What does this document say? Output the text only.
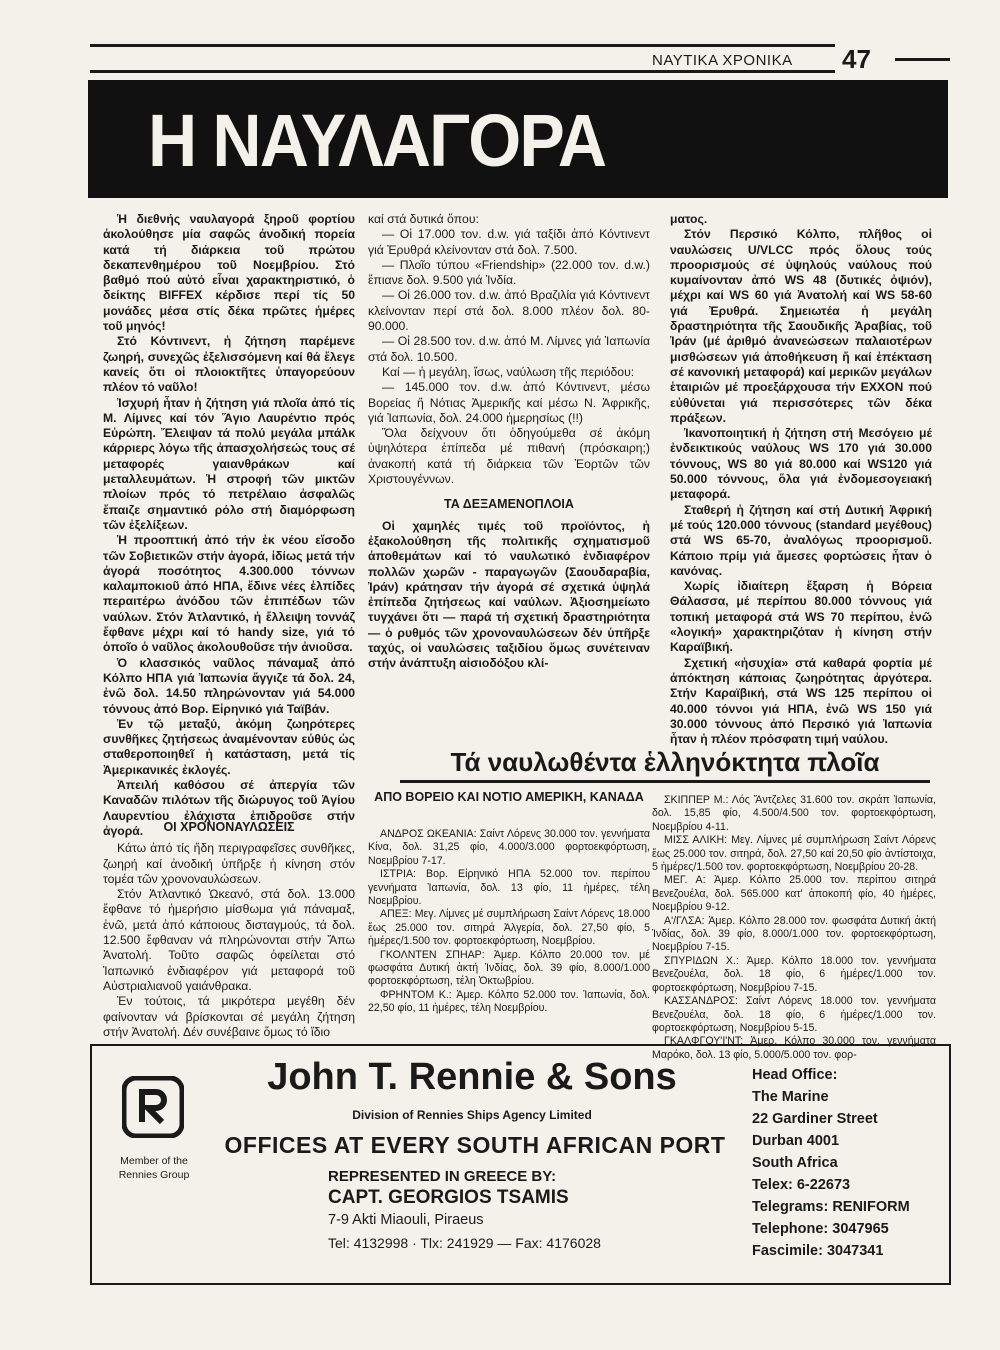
ΝΑΥΤΙΚΑ ΧΡΟΝΙΚΑ 47
Η ΝΑΥΛΑΓΟΡΑ

Ἡ διεθνής ναυλαγορά ξηροῦ φορτίου ἀκολούθησε μία σαφῶς ἀνοδική πορεία κατά τή διάρκεια τοῦ πρώτου δεκαπενθημέρου τοῦ Νοεμβρίου. Στό βαθμό πού αὐτό εἶναι χαρακτηριστικό, ὁ δείκτης BIFFEX κέρδισε περί τίς 50 μονάδες μέσα στίς δέκα πρῶτες ἡμέρες τοῦ μηνός!

Στό Κόντινεντ, ἡ ζήτηση παρέμενε ζωηρή, συνεχῶς ἐξελισσόμενη καί θά ἔλεγε κανείς ὅτι οἱ πλοιοκτῆτες ὑπαγορεύουν πλέον τό ναῦλο!

Ἰσχυρή ἦταν ἡ ζήτηση γιά πλοῖα ἀπό τίς Μ. Λίμνες καί τόν Ἅγιο Λαυρέντιο πρός Εὐρώπη. Ἔλειψαν τά πολύ μεγάλα μπάλκ κάρριερς λόγω τῆς ἀπασχολήσεώς τους σέ μεταφορές γαιανθράκων καί μεταλλευμάτων. Ἡ στροφή τῶν μικτῶν πλοίων πρός τό πετρέλαιο ἀσφαλῶς ἔπαιζε σημαντικό ρόλο στή διαμόρφωση τῶν ἐξελίξεων.

Ἡ προοπτική ἀπό τήν ἐκ νέου εἴσοδο τῶν Σοβιετικῶν στήν ἀγορά, ἰδίως μετά τήν ἀγορά ποσότητος 4.300.000 τόννων καλαμποκιοῦ ἀπό ΗΠΑ, ἔδινε νέες ἐλπίδες περαιτέρω ἀνόδου τῶν ἐπιπέδων τῶν ναύλων. Στόν Ἀτλαντικό, ἡ ἔλλειψη τοννάζ ἔφθανε μέχρι καί τό handy size, γιά τό ὁποῖο ὁ ναῦλος ἀκολουθοῦσε τήν ἀνιοῦσα.

Ὁ κλασσικός ναῦλος πάναμαξ ἀπό Κόλπο ΗΠΑ γιά Ἰαπωνία ἄγγιζε τά δολ. 24, ἐνῶ δολ. 14.50 πληρώνονταν γιά 54.000 τόννους ἀπό Βορ. Εἰρηνικό γιά Ταϊβάν.

Ἐν τῷ μεταξύ, ἀκόμη ζωηρότερες συνθῆκες ζητήσεως ἀναμένονταν εὐθύς ὡς σταθεροποιηθεῖ ἡ κατάσταση, μετά τίς Ἀμερικανικές ἐκλογές.

Ἀπειλή καθόσου σέ ἀπεργία τῶν Καναδῶν πιλότων τῆς διώρυγος τοῦ Ἁγίου Λαυρεντίου ἐλάχιστα ἐπιδροῦσε στήν ἀγορά.	ΟΙ ΧΡΟΝΟΝΑΥΛΩΣΕΙΣ

Κάτω ἀπό τίς ἤδη περιγραφεῖσες συνθῆκες, ζωηρή καί ἀνοδική ὑπῆρξε ἡ κίνηση στόν τομέα τῶν χρονοναυλώσεων.

Στόν Ἀτλαντικό Ὠκεανό, στά δολ. 13.000 ἔφθανε τό ἡμερήσιο μίσθωμα γιά πάναμαξ, ἐνῶ, μετά ἀπό κάποιους δισταγμούς, τά δολ. 12.500 ἔφθαναν νά πληρώνονται στήν Ἄπω Ἀνατολή. Τοῦτο σαφῶς ὀφείλεται στό Ἰαπωνικό ἐνδιαφέρον γιά μεταφορά τοῦ Αὐστριαλιανοῦ γαιάνθρακα.

Ἐν τούτοις, τά μικρότερα μεγέθη δέν φαίνονταν νά βρίσκονται σέ μεγάλη ζήτηση στήν Ἀνατολή. Δέν συνέβαινε ὅμως τό ἴδιο

καί στά δυτικά ὅπου:

— Οἱ 17.000 τον. d.w. γιά ταξίδι ἀπό Κόντινεντ γιά Ἐρυθρά κλείνονταν στά δολ. 7.500.

— Πλοῖο τύπου «Friendship» (22.000 τον. d.w.) ἔπιανε δολ. 9.500 γιά Ἰνδία.

— Οἱ 26.000 τον. d.w. ἀπό Βραζιλία γιά Κόντινεντ κλείνονταν περί στά δολ. 8.000 πλέον δολ. 80-90.000.

— Οἱ 28.500 τον. d.w. ἀπό Μ. Λίμνες γιά Ἰαπωνία στά δολ. 10.500.

Καί — ἡ μεγάλη, ἴσως, ναύλωση τῆς περιόδου:

— 145.000 τον. d.w. ἀπό Κόντινεντ, μέσω Βορείας ἤ Νότιας Ἀμερικῆς καί μέσω Ν. Ἀφρικῆς, γιά Ἰαπωνία, δολ. 24.000 ἡμερησίως (!!)

Ὅλα δείχνουν ὅτι ὁδηγούμεθα σέ ἀκόμη ὑψηλότερα ἐπίπεδα μέ πιθανή (πρόσκαιρη;) ἀνακοπή κατά τή διάρκεια τῶν Ἑορτῶν τῶν Χριστουγέννων.

ΤΑ ΔΕΞΑΜΕΝΟΠΛΟΙΑ

Οἱ χαμηλές τιμές τοῦ προϊόντος, ἡ ἐξακολούθηση τῆς πολιτικῆς σχηματισμοῦ ἀποθεμάτων καί τό ναυλωτικό ἐνδιαφέρον πολλῶν χωρῶν - παραγωγῶν (Σαουδαραβία, Ἰράν) κράτησαν τήν ἀγορά σέ σχετικά ὑψηλά ἐπίπεδα ζητήσεως καί ναύλων. Ἀξιοσημείωτο τυγχάνει ὅτι — παρά τή σχετική δραστηριότητα — ὁ ρυθμός τῶν χρονοναυλώσεων δέν ὑπῆρξε ταχύς, οἱ ναυλώσεις ταξιδίου ὅμως συνέτειναν στήν ἀνάπτυξη αἰσιοδόξου κλί-

ματος.

Στόν Περσικό Κόλπο, πλῆθος οἱ ναυλώσεις U/VLCC πρός ὅλους τούς προορισμούς σέ ὑψηλούς ναύλους πού κυμαίνονταν ἀπό WS 48 (δυτικές ὀψιόν), μέχρι καί WS 60 γιά Ἀνατολή καί WS 58-60 γιά Ἐρυθρά. Σημειωτέα ἡ μεγάλη δραστηριότητα τῆς Σαουδικῆς Ἀραβίας, τοῦ Ἰράν (μέ ἀριθμό ἀνανεώσεων παλαιοτέρων μισθώσεων γιά ἀποθήκευση ἤ καί ἐπέκταση σέ κανονική μεταφορά) καί μερικῶν μεγάλων ἑταιριῶν μέ προεξάρχουσα τήν EXXON πού εὐθύνεται γιά περισσότερες τῶν δέκα πράξεων.

Ἱκανοποιητική ἡ ζήτηση στή Μεσόγειο μέ ἐνδεικτικούς ναύλους WS 170 γιά 30.000 τόννους, WS 80 γιά 80.000 καί WS120 γιά 50.000 τόννους, ὅλα γιά ἐνδομεσογειακή μεταφορά.

Σταθερή ἡ ζήτηση καί στή Δυτική Ἀφρική μέ τούς 120.000 τόννους (standard μεγέθους) στά WS 65-70, ἀναλόγως προορισμοῦ. Κάποιο πρίμ γιά ἄμεσες φορτώσεις ἦταν ὁ κανόνας.

Χωρίς ἰδιαίτερη ἔξαρση ἡ Βόρεια Θάλασσα, μέ περίπου 80.000 τόννους γιά τοπική μεταφορά στά WS 70 περίπου, ἐνῶ «λογική» χαρακτηριζόταν ἡ κίνηση στήν Καραϊβική.

Σχετική «ἡσυχία» στά καθαρά φορτία μέ ἀπόκτηση κάποιας ζωηρότητας ἀργότερα. Στήν Καραϊβική, στά WS 125 περίπου οἱ 40.000 τόννοι γιά ΗΠΑ, ἐνῶ WS 150 γιά 30.000 τόννους ἀπό Περσικό γιά Ἰαπωνία ἦταν ἡ πλέον πρόσφατη τιμή ναύλου.

Τά ναυλωθέντα ἑλληνόκτητα πλοῖα
ΑΠΟ ΒΟΡΕΙΟ ΚΑΙ ΝΟΤΙΟ ΑΜΕΡΙΚΗ, ΚΑΝΑΔΑ

ΑΝΔΡΟΣ ΩΚΕΑΝΙΑ: Σαίντ Λόρενς 30.000 τον. γεννήματα Κίνα, δολ. 31,25 φίο, 4.000/3.000 φορτοεκφόρτωση, Νοεμβρίου 7-17.

ΙΣΤΡΙΑ: Βορ. Εἰρηνικό ΗΠΑ 52.000 τον. περίπου γεννήματα Ἰαπωνία, δολ. 13 φίο, 11 ἡμέρες, τέλη Νοεμβρίου.

ΑΠΕΞ: Μεγ. Λίμνες μέ συμπλήρωση Σαίντ Λόρενς 18.000 ἕως 25.000 τον. σιτηρά Ἀλγερία, δολ. 27,50 φίο, 5 ἡμέρες/1.500 τον. φορτοεκφόρτωση, Νοεμβρίου.

ΓΚΟΛΝΤΕΝ ΣΠΗΑΡ: Ἀμερ. Κόλπο 20.000 τον. μέ φωσφάτα Δυτική ἀκτή Ἰνδίας, δολ. 39 φίο, 8.000/1.000 φορτοεκφόρτωση, τέλη Ὀκτωβρίου.

ΦΡΗΝΤΟΜ Κ.: Ἀμερ. Κόλπο 52.000 τον. Ἰαπωνία, δολ. 22,50 φίο, 11 ἡμέρες, τέλη Νοεμβρίου.

ΣΚΙΠΠΕΡ Μ.: Λός Ἄντζελες 31.600 τον. σκράπ Ἰαπωνία, δολ. 15,85 φίο, 4.500/4.500 τον. φορτοεκφόρτωση, Νοεμβρίου 4-11.

ΜΙΣΣ ΑΛΙΚΗ: Μεγ. Λίμνες μέ συμπλήρωση Σαίντ Λόρενς ἕως 25.000 τον. σιτηρά, δολ. 27,50 καί 20,50 φίο ἀντίστοιχα, 5 ἡμέρες/1.500 τον. φορτοεκφόρτωση, Νοεμβρίου 20-28.

ΜΕΓ. Α: Ἀμερ. Κόλπο 25.000 τον. περίπου σιτηρά Βενεζουέλα, δολ. 565.000 κατ' ἀποκοπή φίο, 40 ἡμέρες, Νοεμβρίου 9-12.

Α'/ΓΛΣΑ: Ἀμερ. Κόλπο 28.000 τον. φωσφάτα Δυτική ἀκτή Ἰνδίας, δολ. 39 φίο, 8.000/1.000 τον. φορτοεκφόρτωση, Νοεμβρίου 7-15.

ΣΠΥΡΙΔΩΝ Χ.: Ἀμερ. Κόλπο 18.000 τον. γεννήματα Βενεζουέλα, δολ. 18 φίο, 6 ἡμέρες/1.000 τον. φορτοεκφόρτωση, Νοεμβρίου 7-15.

ΚΑΣΣΑΝΔΡΟΣ: Σαίντ Λόρενς 18.000 τον. γεννήματα Βενεζουέλα, δολ. 18 φίο, 6 ἡμέρες/1.000 τον. φορτοεκφόρτωση, Νοεμβρίου 5-15.

ΓΚΑΛΦΓΟΥ'Ι'ΝΤ: Ἀμερ. Κόλπο 30.000 τον. γεννήματα Μαρόκο, δολ. 13 φίο, 5.000/5.000 τον. φορ-

Member of the Rennies Group
John T. Rennie & Sons
Division of Rennies Ships Agency Limited
OFFICES AT EVERY SOUTH AFRICAN PORT
REPRESENTED IN GREECE BY:
CAPT. GEORGIOS TSAMIS
7-9 Akti Miaouli, Piraeus
Tel: 4132998 · Tlx: 241929 — Fax: 4176028
Head Office:
The Marine
22 Gardiner Street
Durban 4001
South Africa
Telex: 6-22673
Telegrams: RENIFORM
Telephone: 3047965
Fascimile: 3047341
